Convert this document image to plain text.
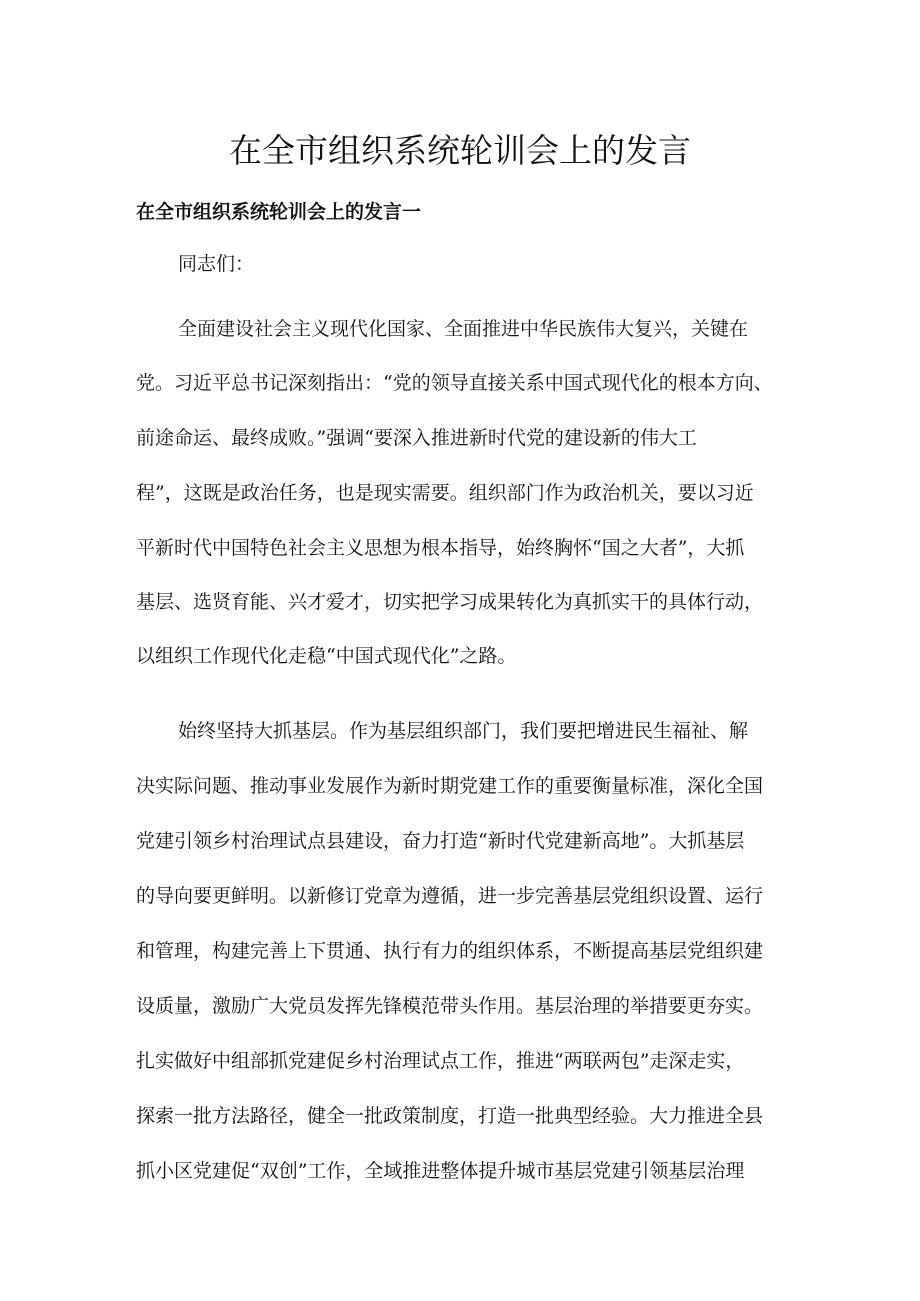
在全市组织系统轮训会上的发言

在全市组织系统轮训会上的发言一

同志们：

全面建设社会主义现代化国家、全面推进中华民族伟大复兴，关键在

党。习近平总书记深刻指出：“党的领导直接关系中国式现代化的根本方向、

前途命运、最终成败。”强调“要深入推进新时代党的建设新的伟大工

程”，这既是政治任务，也是现实需要。组织部门作为政治机关，要以习近

平新时代中国特色社会主义思想为根本指导，始终胸怀“国之大者”，大抓

基层、选贤育能、兴才爱才，切实把学习成果转化为真抓实干的具体行动，

以组织工作现代化走稳“中国式现代化”之路。

始终坚持大抓基层。作为基层组织部门，我们要把增进民生福祉、解

决实际问题、推动事业发展作为新时期党建工作的重要衡量标准，深化全国

党建引领乡村治理试点县建设，奋力打造“新时代党建新高地”。大抓基层

的导向要更鲜明。以新修订党章为遵循，进一步完善基层党组织设置、运行

和管理，构建完善上下贯通、执行有力的组织体系，不断提高基层党组织建

设质量，激励广大党员发挥先锋模范带头作用。基层治理的举措要更夯实。

扎实做好中组部抓党建促乡村治理试点工作，推进“两联两包”走深走实，

探索一批方法路径，健全一批政策制度，打造一批典型经验。大力推进全县

抓小区党建促“双创”工作，全域推进整体提升城市基层党建引领基层治理
